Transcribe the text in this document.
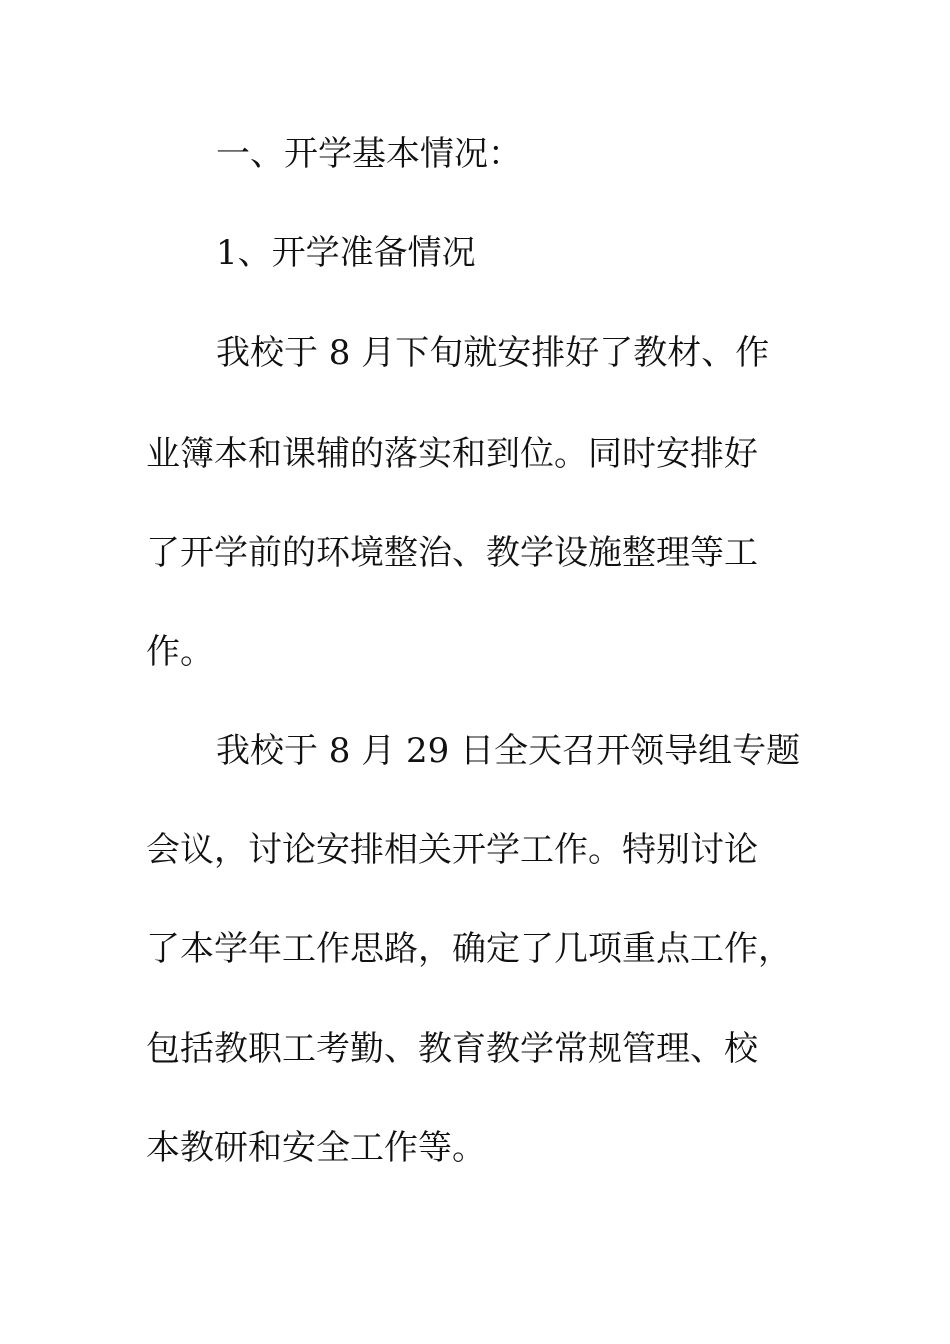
一、开学基本情况：
1、开学准备情况
我校于 8 月下旬就安排好了教材、作
业簿本和课辅的落实和到位。同时安排好
了开学前的环境整治、教学设施整理等工
作。
我校于 8 月 29 日全天召开领导组专题
会议，讨论安排相关开学工作。特别讨论
了本学年工作思路，确定了几项重点工作，
包括教职工考勤、教育教学常规管理、校
本教研和安全工作等。
